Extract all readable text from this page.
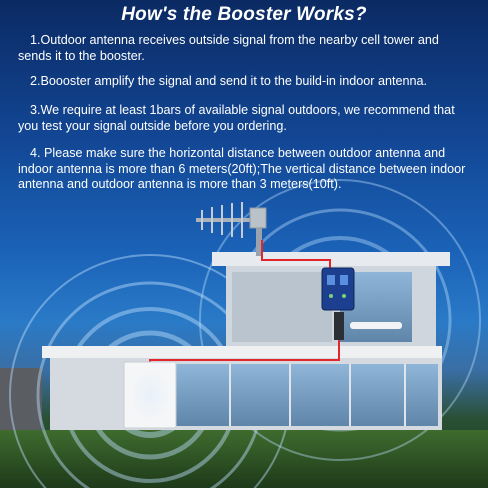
How's the Booster Works?

1.Outdoor antenna receives outside signal from the nearby cell tower and sends it to the booster.

2.Boooster amplify the signal and send it to the build-in indoor antenna.

3.We require at least 1bars of available signal outdoors, we recommend that you test your signal outside before you ordering.

4. Please make sure the horizontal distance between outdoor antenna and indoor antenna is more than 6 meters(20ft);The vertical distance between indoor antenna and outdoor antenna is more than 3 meters(10ft).
